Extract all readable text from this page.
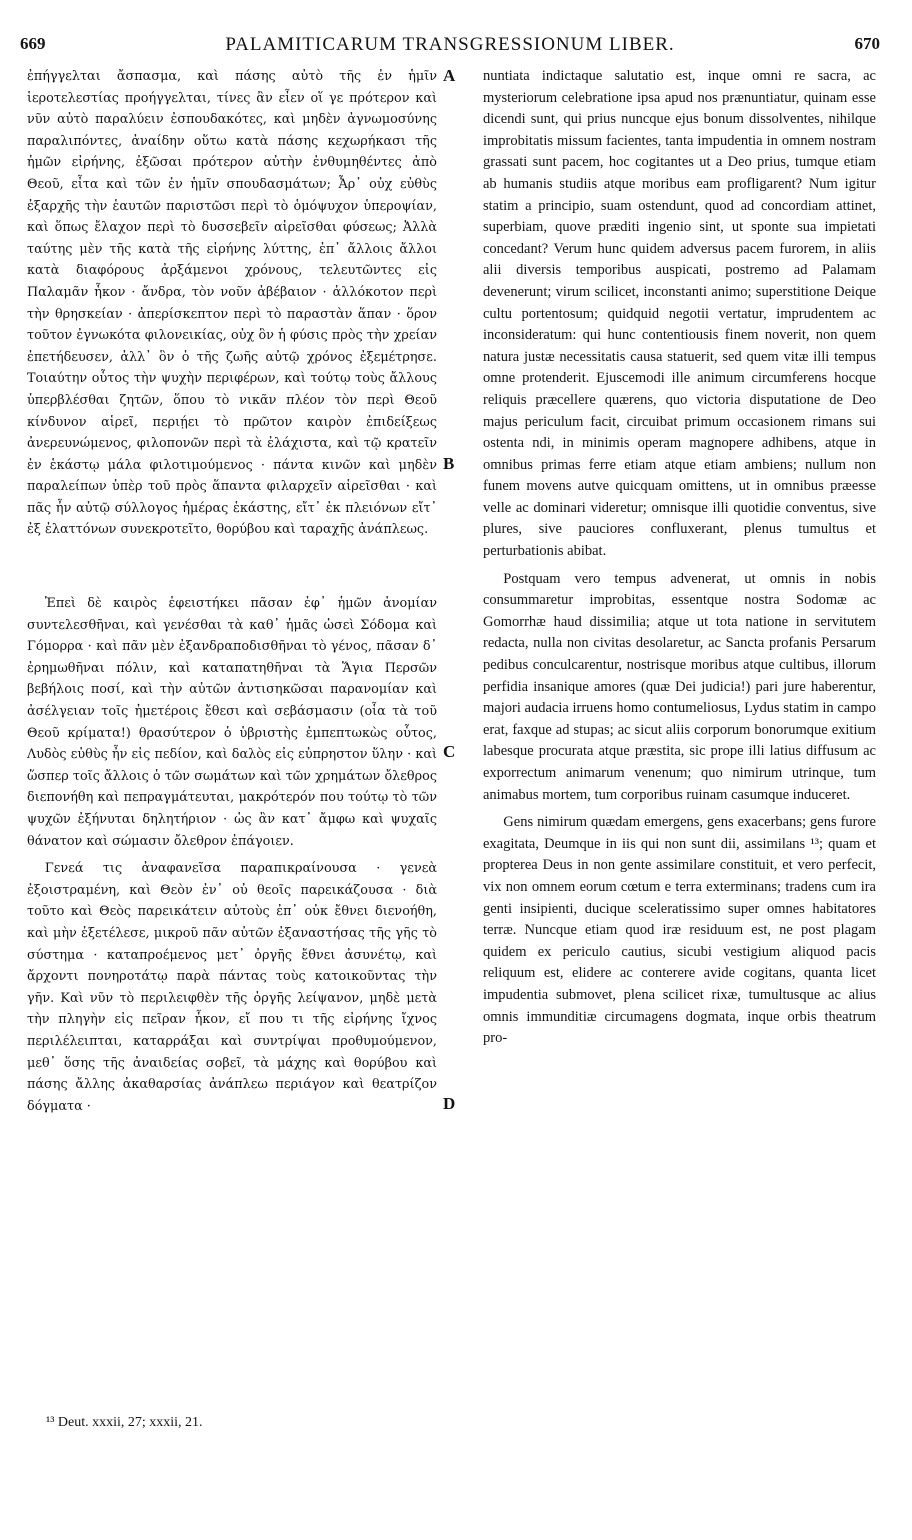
669	PALAMITICARUM TRANSGRESSIONUM LIBER.	670

ἐπήγγελται ἄσπασμα, καὶ πάσης αὐτὸ τῆς ἐν ἡμῖν ἱεροτελεστίας προήγγελται, τίνες ἂν εἶεν οἵ γε πρότερον καὶ νῦν αὐτὸ παραλύειν ἐσπουδακότες, καὶ μηδὲν ἀγνωμοσύνης παραλιπόντες, ἀναίδην οὕτω κατὰ πάσης κεχωρήκασι τῆς ἡμῶν εἰρήνης, ἐξῶσαι πρότερον αὐτὴν ἐνθυμηθέντες ἀπὸ Θεοῦ, εἶτα καὶ τῶν ἐν ἡμῖν σπουδασμάτων; Ἆρ᾽ οὐχ εὐθὺς ἐξαρχῆς τὴν ἑαυτῶν παριστῶσι περὶ τὸ ὁμόψυχον ὑπεροψίαν, καὶ ὅπως ἔλαχον περὶ τὸ δυσσεβεῖν αἱρεῖσθαι φύσεως; Ἀλλὰ ταύτης μὲν τῆς κατὰ τῆς εἰρήνης λύττης, ἐπ᾽ ἄλλοις ἄλλοι κατὰ διαφόρους ἀρξάμενοι χρόνους, τελευτῶντες εἰς Παλαμᾶν ἧκον · ἄνδρα, τὸν νοῦν ἀβέβαιον · ἀλλόκοτον περὶ τὴν θρησκείαν · ἀπερίσκεπτον περὶ τὸ παραστὰν ἅπαν · ὅρον τοῦτον ἐγνωκότα φιλονεικίας, οὐχ ὃν ἡ φύσις πρὸς τὴν χρείαν ἐπετήδευσεν, ἀλλ᾽ ὃν ὁ τῆς ζωῆς αὐτῷ χρόνος ἐξεμέτρησε. Τοιαύτην οὗτος τὴν ψυχὴν περιφέρων, καὶ τούτῳ τοὺς ἄλλους ὑπερβλέσθαι ζητῶν, ὅπου τὸ νικᾶν πλέον τὸν περὶ Θεοῦ κίνδυνον αἱρεῖ, περιῄει τὸ πρῶτον καιρὸν ἐπιδείξεως ἀνερευνώμενος, φιλοπονῶν περὶ τὰ ἐλάχιστα, καὶ τῷ κρατεῖν ἐν ἑκάστῳ μάλα φιλοτιμούμενος · πάντα κινῶν καὶ μηδὲν παραλείπων ὑπὲρ τοῦ πρὸς ἅπαντα φιλαρχεῖν αἱρεῖσθαι · καὶ πᾶς ἦν αὐτῷ σύλλογος ἡμέρας ἑκάστης, εἴτ᾽ ἐκ πλειόνων εἴτ᾽ ἐξ ἐλαττόνων συνεκροτεῖτο, θορύβου καὶ ταραχῆς ἀνάπλεως.

Ἐπεὶ δὲ καιρὸς ἐφειστήκει πᾶσαν ἐφ᾽ ἡμῶν ἀνομίαν συντελεσθῆναι, καὶ γενέσθαι τὰ καθ᾽ ἡμᾶς ὡσεὶ Σόδομα καὶ Γόμορρα · καὶ πᾶν μὲν ἐξανδραποδισθῆναι τὸ γένος, πᾶσαν δ᾽ ἐρημωθῆναι πόλιν, καὶ καταπατηθῆναι τὰ Ἅγια Περσῶν βεβήλοις ποσί, καὶ τὴν αὐτῶν ἀντισηκῶσαι παρανομίαν καὶ ἀσέλγειαν τοῖς ἡμετέροις ἔθεσι καὶ σεβάσμασιν (οἷα τὰ τοῦ Θεοῦ κρίματα!) θρασύτερον ὁ ὑβριστὴς ἐμπεπτωκὼς οὗτος, Λυδὸς εὐθὺς ἦν εἰς πεδίον, καὶ δαλὸς εἰς εὐπρηστον ὕλην · καὶ ὥσπερ τοῖς ἄλλοις ὁ τῶν σωμάτων καὶ τῶν χρημάτων ὄλεθρος διεπονήθη καὶ πεπραγμάτευται, μακρότερόν που τούτῳ τὸ τῶν ψυχῶν ἐξήνυται δηλητήριον · ὡς ἂν κατ᾽ ἄμφω καὶ ψυχαῖς θάνατον καὶ σώμασιν ὄλεθρον ἐπάγοιεν.

Γενεά τις ἀναφανεῖσα παραπικραίνουσα · γενεὰ ἐξοιστραμένη, καὶ Θεὸν ἐν᾽ οὐ θεοῖς παρεικάζουσα · διὰ τοῦτο καὶ Θεὸς παρεικάτειν αὐτοὺς ἐπ᾽ οὐκ ἔθνει διενοήθη, καὶ μὴν ἐξετέλεσε, μικροῦ πᾶν αὐτῶν ἐξαναστήσας τῆς γῆς τὸ σύστημα · καταπροέμενος μετ᾽ ὀργῆς ἔθνει ἀσυνέτῳ, καὶ ἄρχοντι πονηροτάτῳ παρὰ πάντας τοὺς κατοικοῦντας τὴν γῆν. Καὶ νῦν τὸ περιλειφθὲν τῆς ὀργῆς λείψανον, μηδὲ μετὰ τὴν πληγὴν εἰς πεῖραν ἧκον, εἴ που τι τῆς εἰρήνης ἴχνος περιλέλειπται, καταρράξαι καὶ συντρίψαι προθυμούμενον, μεθ᾽ ὅσης τῆς ἀναιδείας σοβεῖ, τὰ μάχης καὶ θορύβου καὶ πάσης ἄλλης ἀκαθαρσίας ἀνάπλεω περιάγον καὶ θεατρίζον δόγματα ·

A
B
C
D

nuntiata indictaque salutatio est, inque omni re sacra, ac mysteriorum celebratione ipsa apud nos prænuntiatur, quinam esse dicendi sunt, qui prius nuncque ejus bonum dissolventes, nihilque improbitatis missum facientes, tanta impudentia in omnem nostram grassati sunt pacem, hoc cogitantes ut a Deo prius, tumque etiam ab humanis studiis atque moribus eam profligarent? Num igitur statim a principio, suam ostendunt, quod ad concordiam attinet, superbiam, quove præditi ingenio sint, ut sponte sua impietati concedant? Verum hunc quidem adversus pacem furorem, in aliis alii diversis temporibus auspicati, postremo ad Palamam devenerunt; virum scilicet, inconstanti animo; superstitione Deique cultu portentosum; quidquid negotii vertatur, imprudentem ac inconsideratum: qui hunc contentiousis finem noverit, non quem natura justæ necessitatis causa statuerit, sed quem vitæ illi tempus omne protenderit. Ejuscemodi ille animum circumferens hocque reliquis præcellere quærens, quo victoria disputatione de Deo majus periculum facit, circuibat primum occasionem rimans sui ostenta ndi, in minimis operam magnopere adhibens, atque in omnibus primas ferre etiam atque etiam ambiens; nullum non funem movens autve quicquam omittens, ut in omnibus præesse velle ac dominari videretur; omnisque illi quotidie conventus, sive plures, sive pauciores confluxerant, plenus tumultus et perturbationis abibat.

Postquam vero tempus advenerat, ut omnis in nobis consummaretur improbitas, essentque nostra Sodomæ ac Gomorrhæ haud dissimilia; atque ut tota natione in servitutem redacta, nulla non civitas desolaretur, ac Sancta profanis Persarum pedibus conculcarentur, nostrisque moribus atque cultibus, illorum perfidia insanique amores (quæ Dei judicia!) pari jure haberentur, majori audacia irruens homo contumeliosus, Lydus statim in campo erat, faxque ad stupas; ac sicut aliis corporum bonorumque exitium labesque procurata atque præstita, sic prope illi latius diffusum ac exporrectum animarum venenum; quo nimirum utrinque, tum animabus mortem, tum corporibus ruinam casumque induceret.

Gens nimirum quædam emergens, gens exacerbans; gens furore exagitata, Deumque in iis qui non sunt dii, assimilans ¹³; quam et propterea Deus in non gente assimilare constituit, et vero perfecit, vix non omnem eorum cœtum e terra exterminans; tradens cum ira genti insipienti, ducique sceleratissimo super omnes habitatores terræ. Nuncque etiam quod iræ residuum est, ne post plagam quidem ex periculo cautius, sicubi vestigium aliquod pacis reliquum est, elidere ac conterere avide cogitans, quanta licet impudentia submovet, plena scilicet rixæ, tumultusque ac alius omnis immunditiæ circumagens dogmata, inque orbis theatrum pro-

¹³ Deut. xxxii, 27; xxxii, 21.
